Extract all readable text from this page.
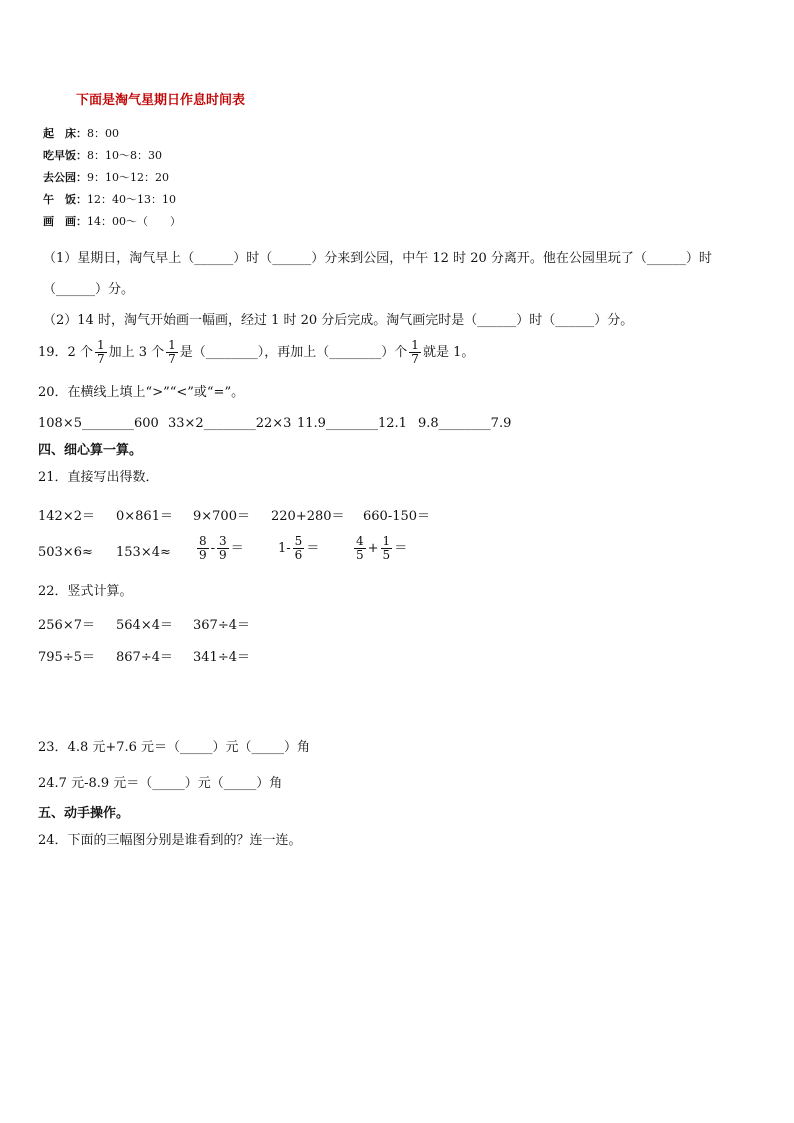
下面是淘气星期日作息时间表
起　床：8：00
吃早饭：8：10～8：30
去公园：9：10～12：20
午　饭：12：40～13：10
画　画：14：00～（　　）
（1）星期日，淘气早上（______）时（______）分来到公园，中午 12 时 20 分离开。他在公园里玩了（______）时
（______）分。
（2）14 时，淘气开始画一幅画，经过 1 时 20 分后完成。淘气画完时是（______）时（______）分。
19．2 个 $\frac{1}{7}$ 加上 3 个 $\frac{1}{7}$ 是（________），再加上（________）个 $\frac{1}{7}$ 就是 1。
20．在横线上填上“>”“<”或“=”。
108×5________600 33×2________22×3 11.9________12.1 9.8________7.9
四、细心算一算。
21．直接写出得数．
142×2＝ 0×861＝ 9×700＝ 220+280＝ 660-150＝
$503\times 6\approx 153\times 4\approx \frac{8}{9} - \frac{3}{9}$ ＝	$1- \frac{5}{6}$ ＝	$\frac{4}{5} + \frac{1}{5}$ ＝
22．竖式计算。
256×7＝ 564×4＝ 367÷4＝
795÷5＝ 867÷4＝ 341÷4＝
23．4.8 元+7.6 元＝（_____）元（_____）角
24.7 元-8.9 元＝（_____）元（_____）角
五、动手操作。
24．下面的三幅图分别是谁看到的？连一连。
